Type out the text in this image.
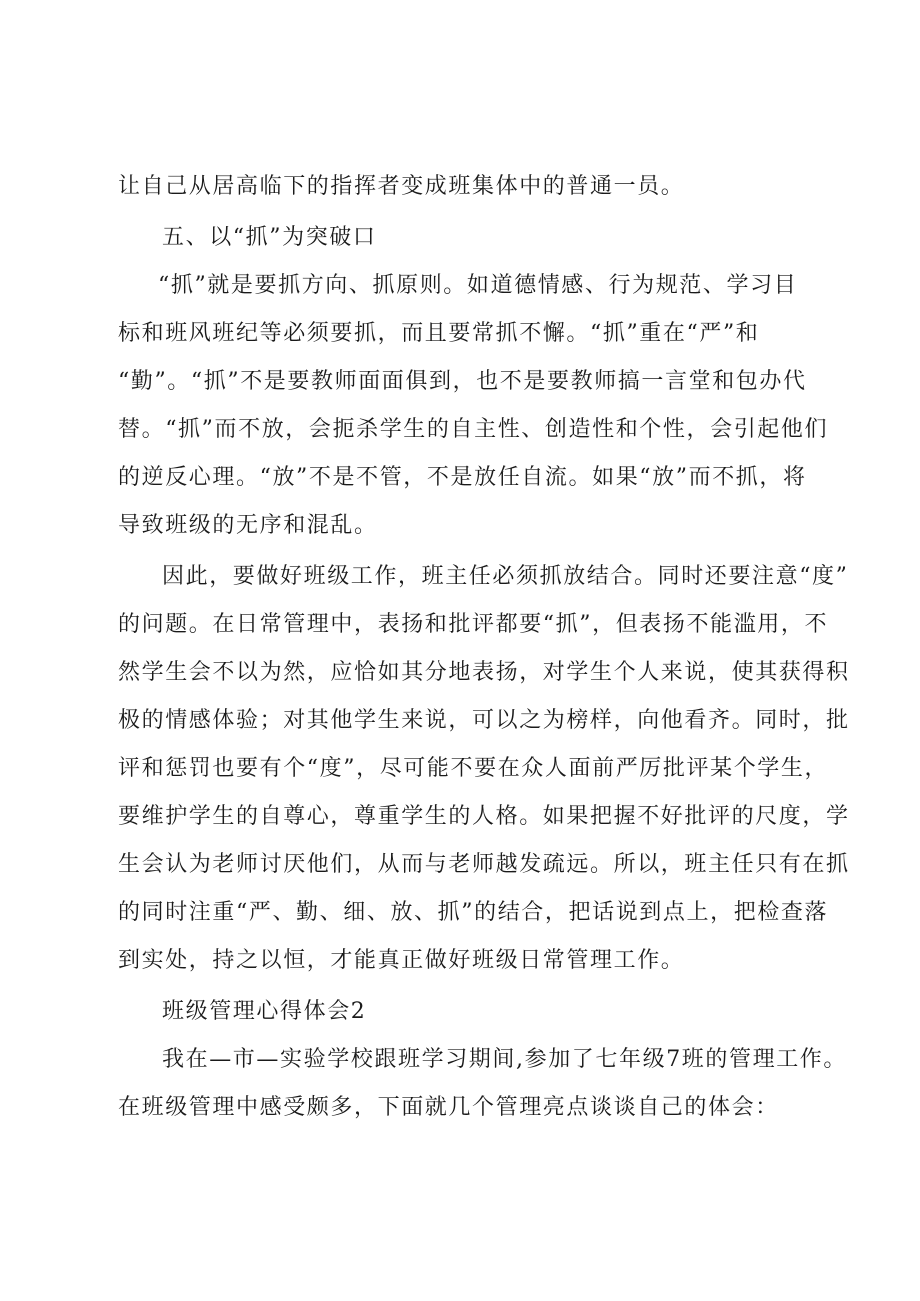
让自己从居高临下的指挥者变成班集体中的普通一员。
五、以“抓”为突破口
“抓”就是要抓方向、抓原则。如道德情感、行为规范、学习目
标和班风班纪等必须要抓，而且要常抓不懈。“抓”重在“严”和
“勤”。“抓”不是要教师面面俱到，也不是要教师搞一言堂和包办代
替。“抓”而不放，会扼杀学生的自主性、创造性和个性，会引起他们
的逆反心理。“放”不是不管，不是放任自流。如果“放”而不抓，将
导致班级的无序和混乱。
因此，要做好班级工作，班主任必须抓放结合。同时还要注意“度”
的问题。在日常管理中，表扬和批评都要“抓”，但表扬不能滥用，不
然学生会不以为然，应恰如其分地表扬，对学生个人来说，使其获得积
极的情感体验；对其他学生来说，可以之为榜样，向他看齐。同时，批
评和惩罚也要有个“度”，尽可能不要在众人面前严厉批评某个学生，
要维护学生的自尊心，尊重学生的人格。如果把握不好批评的尺度，学
生会认为老师讨厌他们，从而与老师越发疏远。所以，班主任只有在抓
的同时注重“严、勤、细、放、抓”的结合，把话说到点上，把检查落
到实处，持之以恒，才能真正做好班级日常管理工作。
班级管理心得体会2
我在—市—实验学校跟班学习期间,参加了七年级7班的管理工作。
在班级管理中感受颇多，下面就几个管理亮点谈谈自己的体会：
